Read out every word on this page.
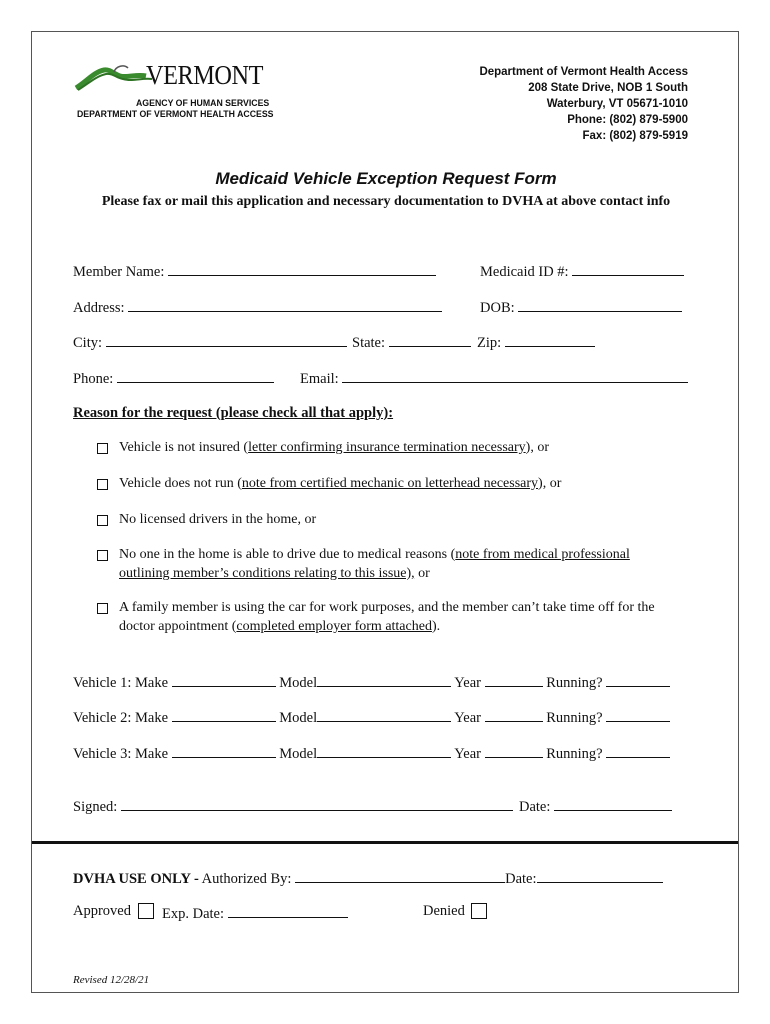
VERMONT
AGENCY OF HUMAN SERVICES
DEPARTMENT OF VERMONT HEALTH ACCESS
Department of Vermont Health Access
208 State Drive, NOB 1 South
Waterbury, VT 05671-1010
Phone: (802) 879-5900
Fax: (802) 879-5919
Medicaid Vehicle Exception Request Form
Please fax or mail this application and necessary documentation to DVHA at above contact info
Member Name:	Medicaid ID #:
Address:	DOB:
City:	State:	Zip:
Phone:	Email:
Reason for the request (please check all that apply):
Vehicle is not insured (letter confirming insurance termination necessary), or
Vehicle does not run (note from certified mechanic on letterhead necessary), or
No licensed drivers in the home, or
No one in the home is able to drive due to medical reasons (note from medical professional
outlining member’s conditions relating to this issue), or
A family member is using the car for work purposes, and the member can’t take time off for the
doctor appointment (completed employer form attached).
Vehicle 1: Make	Model	Year	Running?
Vehicle 2: Make	Model	Year	Running?
Vehicle 3: Make	Model	Year	Running?
Signed:	Date:
DVHA USE ONLY - Authorized By:	Date:
Approved Exp. Date:	Denied
Revised 12/28/21
